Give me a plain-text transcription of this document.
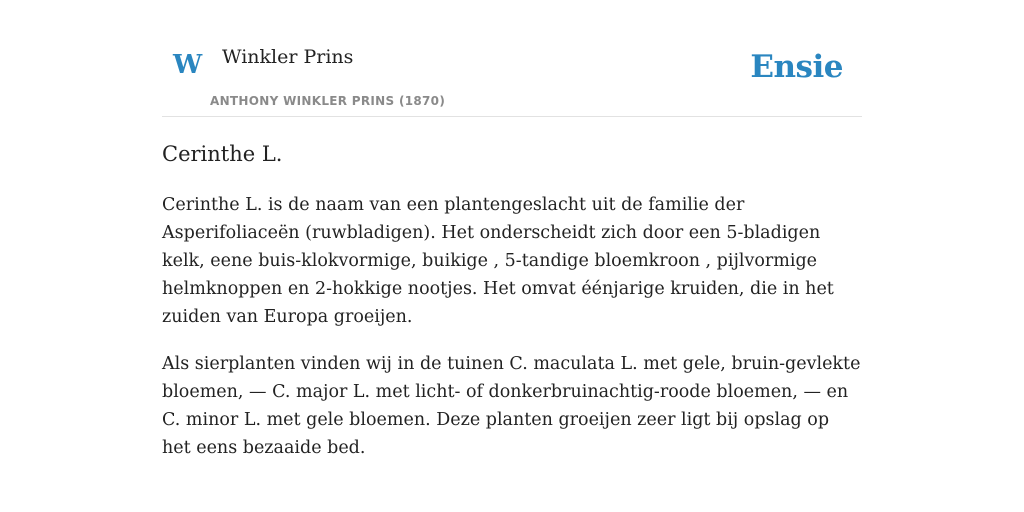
W Winkler Prins
ANTHONY WINKLER PRINS (1870)
Ensie
Cerinthe L.

Cerinthe L. is de naam van een plantengeslacht uit de familie der Asperifoliaceën (ruwbladigen). Het onderscheidt zich door een 5-bladigen kelk, eene buis-klokvormige, buikige , 5-tandige bloemkroon , pijlvormige helmknoppen en 2-hokkige nootjes. Het omvat éénjarige kruiden, die in het zuiden van Europa groeijen.

Als sierplanten vinden wij in de tuinen C. maculata L. met gele, bruin-gevlekte bloemen, — C. major L. met licht- of donkerbruinachtig-roode bloemen, — en C. minor L. met gele bloemen. Deze planten groeijen zeer ligt bij opslag op het eens bezaaide bed.
